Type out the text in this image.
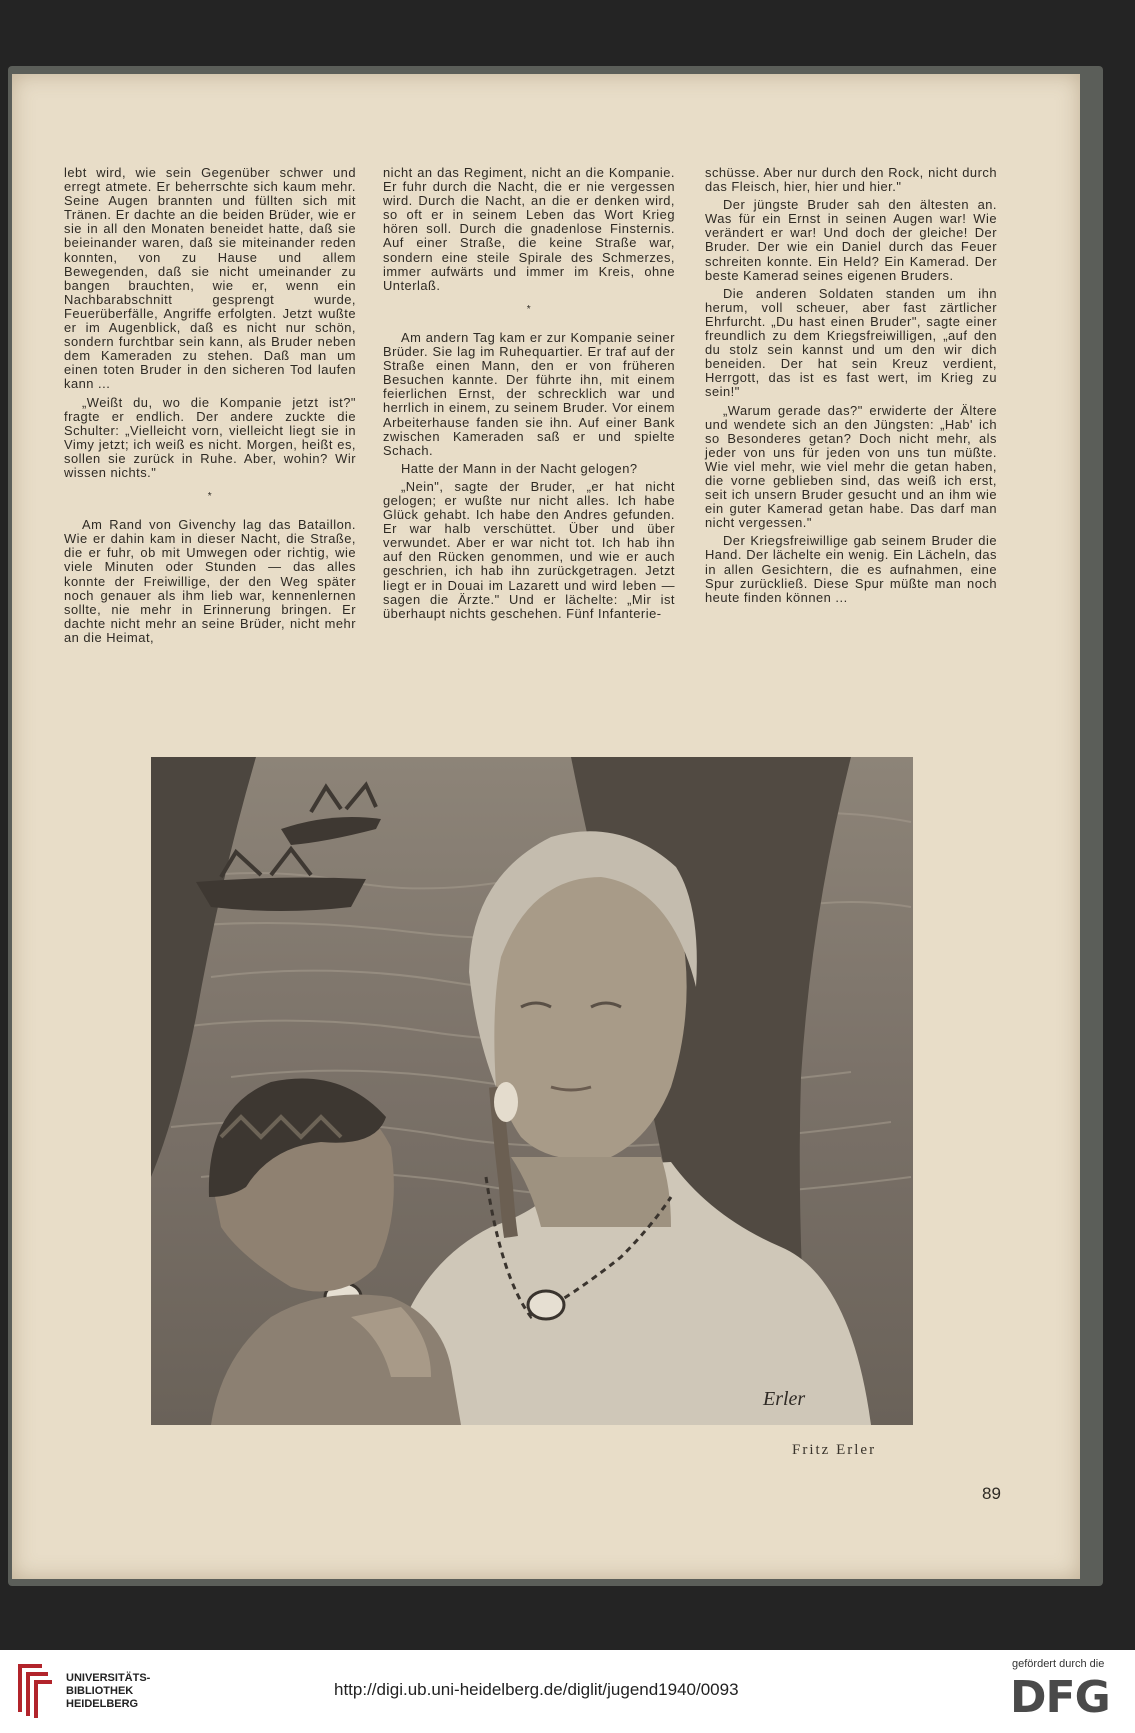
lebt wird, wie sein Gegenüber schwer und erregt atmete. Er beherrschte sich kaum mehr. Seine Augen brannten und füllten sich mit Tränen. Er dachte an die beiden Brüder, wie er sie in all den Monaten beneidet hatte, daß sie beieinander waren, daß sie miteinander reden konnten, von zu Hause und allem Bewegenden, daß sie nicht umeinander zu bangen brauchten, wie er, wenn ein Nachbarabschnitt gesprengt wurde, Feuerüberfälle, Angriffe erfolgten. Jetzt wußte er im Augenblick, daß es nicht nur schön, sondern furchtbar sein kann, als Bruder neben dem Kameraden zu stehen. Daß man um einen toten Bruder in den sicheren Tod laufen kann ...

„Weißt du, wo die Kompanie jetzt ist?" fragte er endlich. Der andere zuckte die Schulter: „Vielleicht vorn, vielleicht liegt sie in Vimy jetzt; ich weiß es nicht. Morgen, heißt es, sollen sie zurück in Ruhe. Aber, wohin? Wir wissen nichts."

*

Am Rand von Givenchy lag das Bataillon. Wie er dahin kam in dieser Nacht, die Straße, die er fuhr, ob mit Umwegen oder richtig, wie viele Minuten oder Stunden — das alles konnte der Freiwillige, der den Weg später noch genauer als ihm lieb war, kennenlernen sollte, nie mehr in Erinnerung bringen. Er dachte nicht mehr an seine Brüder, nicht mehr an die Heimat,

nicht an das Regiment, nicht an die Kompanie. Er fuhr durch die Nacht, die er nie vergessen wird. Durch die Nacht, an die er denken wird, so oft er in seinem Leben das Wort Krieg hören soll. Durch die gnadenlose Finsternis. Auf einer Straße, die keine Straße war, sondern eine steile Spirale des Schmerzes, immer aufwärts und immer im Kreis, ohne Unterlaß.

*

Am andern Tag kam er zur Kompanie seiner Brüder. Sie lag im Ruhequartier. Er traf auf der Straße einen Mann, den er von früheren Besuchen kannte. Der führte ihn, mit einem feierlichen Ernst, der schrecklich war und herrlich in einem, zu seinem Bruder. Vor einem Arbeiterhause fanden sie ihn. Auf einer Bank zwischen Kameraden saß er und spielte Schach.

Hatte der Mann in der Nacht gelogen?

„Nein", sagte der Bruder, „er hat nicht gelogen; er wußte nur nicht alles. Ich habe Glück gehabt. Ich habe den Andres gefunden. Er war halb verschüttet. Über und über verwundet. Aber er war nicht tot. Ich hab ihn auf den Rücken genommen, und wie er auch geschrien, ich hab ihn zurückgetragen. Jetzt liegt er in Douai im Lazarett und wird leben — sagen die Ärzte." Und er lächelte: „Mir ist überhaupt nichts geschehen. Fünf Infanterie-

schüsse. Aber nur durch den Rock, nicht durch das Fleisch, hier, hier und hier."

Der jüngste Bruder sah den ältesten an. Was für ein Ernst in seinen Augen war! Wie verändert er war! Und doch der gleiche! Der Bruder. Der wie ein Daniel durch das Feuer schreiten konnte. Ein Held? Ein Kamerad. Der beste Kamerad seines eigenen Bruders.

Die anderen Soldaten standen um ihn herum, voll scheuer, aber fast zärtlicher Ehrfurcht. „Du hast einen Bruder", sagte einer freundlich zu dem Kriegsfreiwilligen, „auf den du stolz sein kannst und um den wir dich beneiden. Der hat sein Kreuz verdient, Herrgott, das ist es fast wert, im Krieg zu sein!"

„Warum gerade das?" erwiderte der Ältere und wendete sich an den Jüngsten: „Hab' ich so Besonderes getan? Doch nicht mehr, als jeder von uns für jeden von uns tun müßte. Wie viel mehr, wie viel mehr die getan haben, die vorne geblieben sind, das weiß ich erst, seit ich unsern Bruder gesucht und an ihm wie ein guter Kamerad getan habe. Das darf man nicht vergessen."

Der Kriegsfreiwillige gab seinem Bruder die Hand. Der lächelte ein wenig. Ein Lächeln, das in allen Gesichtern, die es aufnahmen, eine Spur zurückließ. Diese Spur müßte man noch heute finden können ...

Erler
Fritz Erler
89
UNIVERSITÄTS-
BIBLIOTHEK
HEIDELBERG
http://digi.ub.uni-heidelberg.de/diglit/jugend1940/0093
gefördert durch die
DFG
